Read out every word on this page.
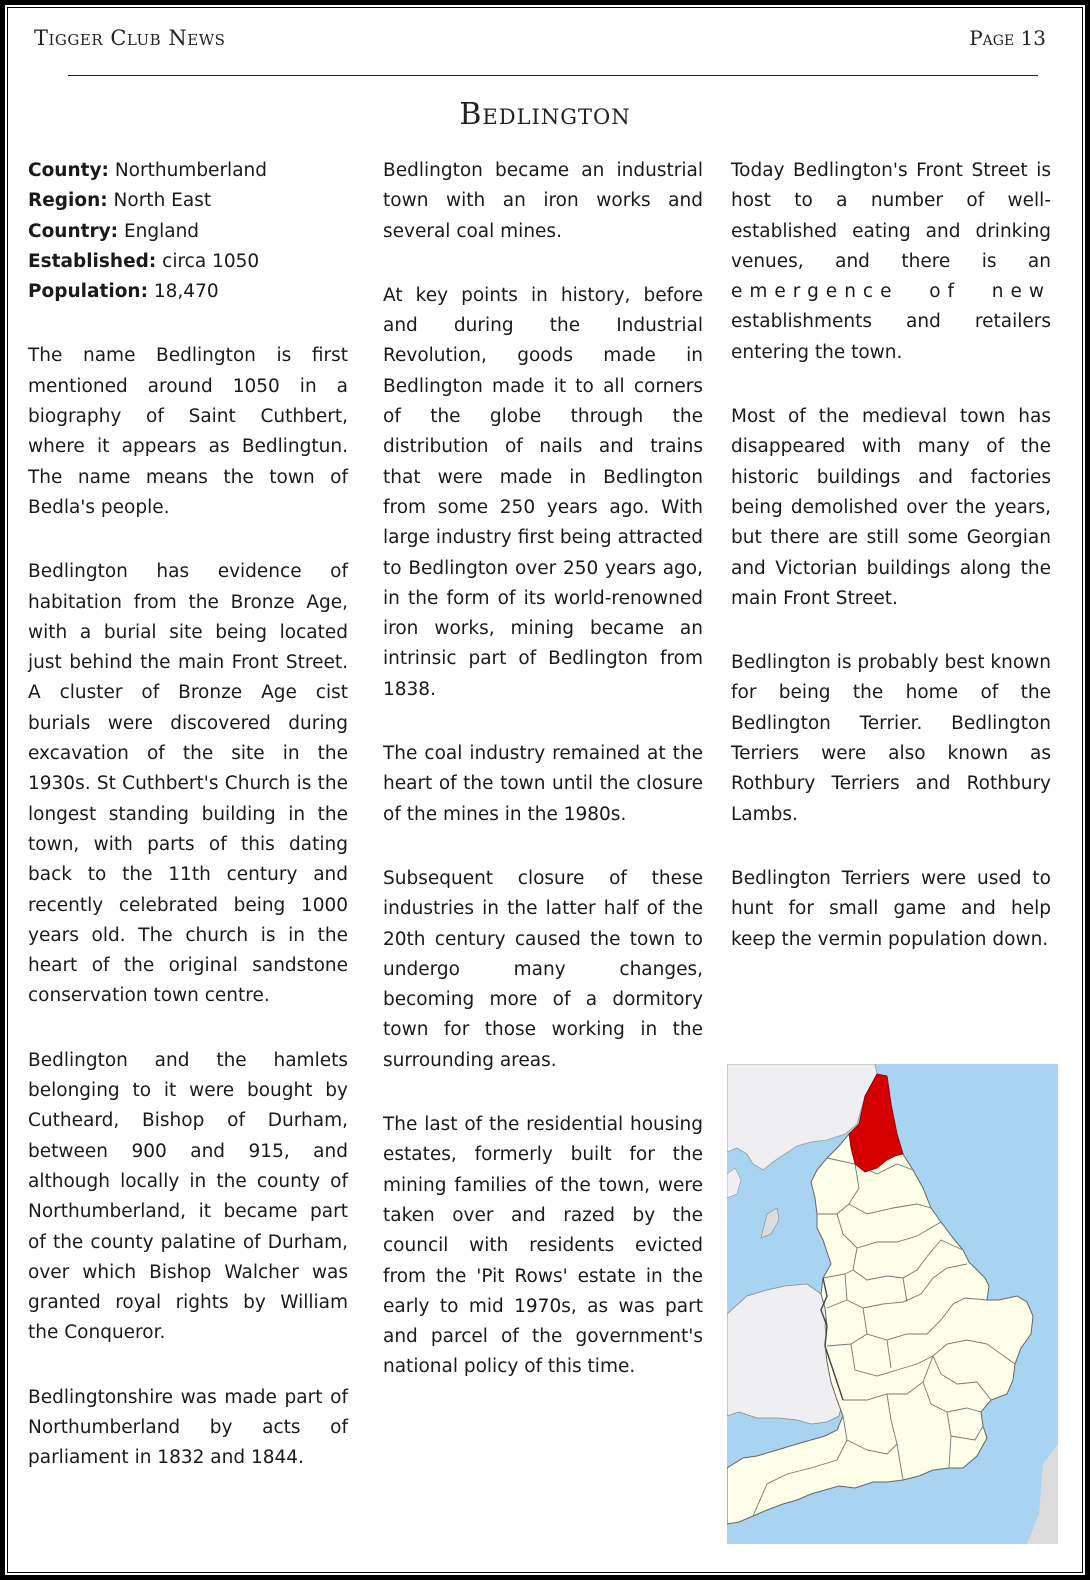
Tigger Club News	Page 13
Bedlington
County: Northumberland
Region: North East
Country: England
Established: circa 1050
Population: 18,470

The name Bedlington is first mentioned around 1050 in a biography of Saint Cuthbert, where it appears as Bedlingtun. The name means the town of Bedla's people.

Bedlington has evidence of habitation from the Bronze Age, with a burial site being located just behind the main Front Street. A cluster of Bronze Age cist burials were discovered during excavation of the site in the 1930s. St Cuthbert's Church is the longest standing building in the town, with parts of this dating back to the 11th century and recently celebrated being 1000 years old. The church is in the heart of the original sandstone conservation town centre.

Bedlington and the hamlets belonging to it were bought by Cutheard, Bishop of Durham, between 900 and 915, and although locally in the county of Northumberland, it became part of the county palatine of Durham, over which Bishop Walcher was granted royal rights by William the Conqueror.

Bedlingtonshire was made part of Northumberland by acts of parliament in 1832 and 1844.

Bedlington became an industrial town with an iron works and several coal mines.

At key points in history, before and during the Industrial Revolution, goods made in Bedlington made it to all corners of the globe through the distribution of nails and trains that were made in Bedlington from some 250 years ago. With large industry first being attracted to Bedlington over 250 years ago, in the form of its world-renowned iron works, mining became an intrinsic part of Bedlington from 1838.

The coal industry remained at the heart of the town until the closure of the mines in the 1980s.

Subsequent closure of these industries in the latter half of the 20th century caused the town to undergo many changes, becoming more of a dormitory town for those working in the surrounding areas.

The last of the residential housing estates, formerly built for the mining families of the town, were taken over and razed by the council with residents evicted from the 'Pit Rows' estate in the early to mid 1970s, as was part and parcel of the government's national policy of this time.

Today Bedlington's Front Street is host to a number of well-established eating and drinking venues, and there is an emergence of new establishments and retailers entering the town.

Most of the medieval town has disappeared with many of the historic buildings and factories being demolished over the years, but there are still some Georgian and Victorian buildings along the main Front Street.

Bedlington is probably best known for being the home of the Bedlington Terrier. Bedlington Terriers were also known as Rothbury Terriers and Rothbury Lambs.

Bedlington Terriers were used to hunt for small game and help keep the vermin population down.
